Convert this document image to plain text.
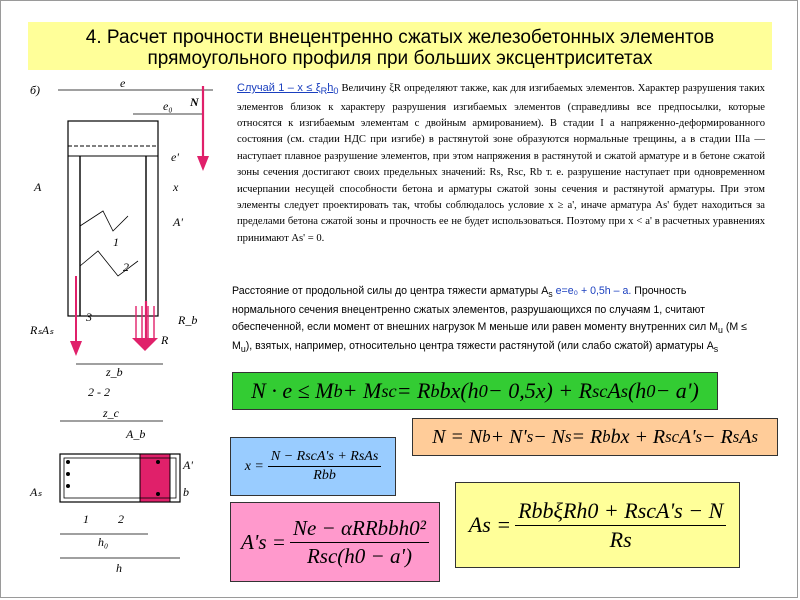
4. Расчет прочности внецентренно сжатых железобетонных элементов
прямоугольного профиля при больших эксцентриситетах
б)	e
e₀ N
e'
A
A'
x
1
2
3
RₛAₛ
R
R_b
z_b
2 - 2
z_c
A_b
A'
b
Aₛ
1 2
h₀
h
Случай $1 - x \le \xi_Rh_0$ Величину ξR определяют также, как для изгибаемых элементов. Характер разрушения таких элементов близок к характеру разрушения изгибаемых элементов (справедливы все предпосылки, которые относятся к изгибаемым элементам с двойным армированием). В стадии I а напряженно-деформированного состояния (см. стадии НДС при изгибе) в растянутой зоне образуются нормальные трещины, а в стадии IIIа — наступает плавное разрушение элементов, при этом напряжения в растянутой и сжатой арматуре и в бетоне сжатой зоны сечения достигают своих предельных значений: Rs, Rsc, Rb т. е. разрушение наступает при одновременном исчерпании несущей способности бетона и арматуры сжатой зоны сечения и растянутой арматуры. При этом элементы следует проектировать так, чтобы соблюдалось условие x ≥ a', иначе арматура As' будет находиться за пределами бетона сжатой зоны и прочность ее не будет использоваться. Поэтому при x < a' в расчетных уравнениях принимают As' = 0.
Расстояние от продольной силы до центра тяжести арматуры $A_s$ e=e₀ + 0,5h – a. Прочность нормального сечения внецентренно сжатых элементов, разрушающихся по случаям 1, считают обеспеченной, если момент от внешних нагрузок M меньше или равен моменту внутренних сил $M_u$ $(M \le M_u)$, взятых, например, относительно центра тяжести растянутой (или слабо сжатой) арматуры $A_s$
N · e ≤ M b + M sc = R b bx(h 0 − 0,5x) + R sc A s (h 0 − a')
N = N b + N' s − N s = R b bx + R sc A' s − R s A s
$x = \frac{\text{N − RscA's + RsAs}}{\text{Rbb}}$
$A's = \frac{\text{Ne − αRRbbh0²}}{\text{Rsc(h0 − a')}}$ $As = \frac{\text{RbbξRh0 + RscA's − N}}{Rs}$
